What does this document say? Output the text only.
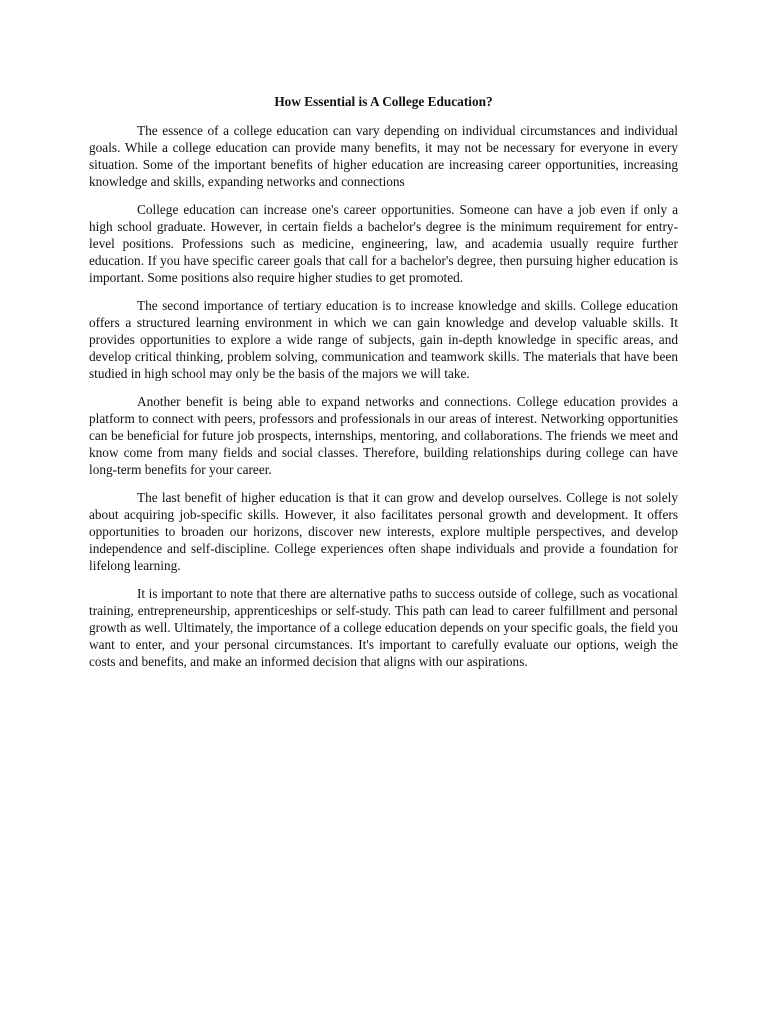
How Essential is A College Education?

The essence of a college education can vary depending on individual circumstances and individual goals. While a college education can provide many benefits, it may not be necessary for everyone in every situation. Some of the important benefits of higher education are increasing career opportunities, increasing knowledge and skills, expanding networks and connections

College education can increase one's career opportunities. Someone can have a job even if only a high school graduate. However, in certain fields a bachelor's degree is the minimum requirement for entry-level positions. Professions such as medicine, engineering, law, and academia usually require further education. If you have specific career goals that call for a bachelor's degree, then pursuing higher education is important. Some positions also require higher studies to get promoted.

The second importance of tertiary education is to increase knowledge and skills. College education offers a structured learning environment in which we can gain knowledge and develop valuable skills. It provides opportunities to explore a wide range of subjects, gain in-depth knowledge in specific areas, and develop critical thinking, problem solving, communication and teamwork skills. The materials that have been studied in high school may only be the basis of the majors we will take.

Another benefit is being able to expand networks and connections. College education provides a platform to connect with peers, professors and professionals in our areas of interest. Networking opportunities can be beneficial for future job prospects, internships, mentoring, and collaborations. The friends we meet and know come from many fields and social classes. Therefore, building relationships during college can have long-term benefits for your career.

The last benefit of higher education is that it can grow and develop ourselves. College is not solely about acquiring job-specific skills. However, it also facilitates personal growth and development. It offers opportunities to broaden our horizons, discover new interests, explore multiple perspectives, and develop independence and self-discipline. College experiences often shape individuals and provide a foundation for lifelong learning.

It is important to note that there are alternative paths to success outside of college, such as vocational training, entrepreneurship, apprenticeships or self-study. This path can lead to career fulfillment and personal growth as well. Ultimately, the importance of a college education depends on your specific goals, the field you want to enter, and your personal circumstances. It's important to carefully evaluate our options, weigh the costs and benefits, and make an informed decision that aligns with our aspirations.
